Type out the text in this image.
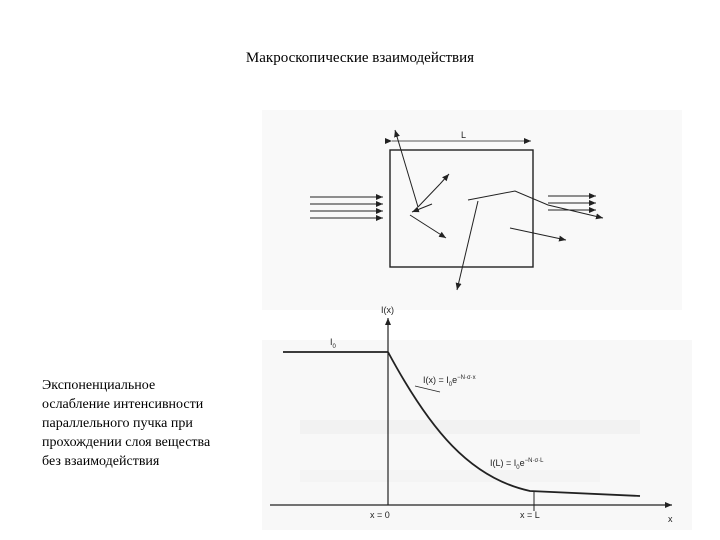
Макроскопические взаимодействия
Экспоненциальное
ослабление интенсивности
параллельного пучка при
прохождении слоя вещества
без взаимодействия
L
I(x)
x
$I_0$
$I(x) = I_0e^{-N\cdot\sigma\cdot x}$
$I(L) = I_0e^{-N\cdot\sigma\cdot L}$
x = 0	x = L
